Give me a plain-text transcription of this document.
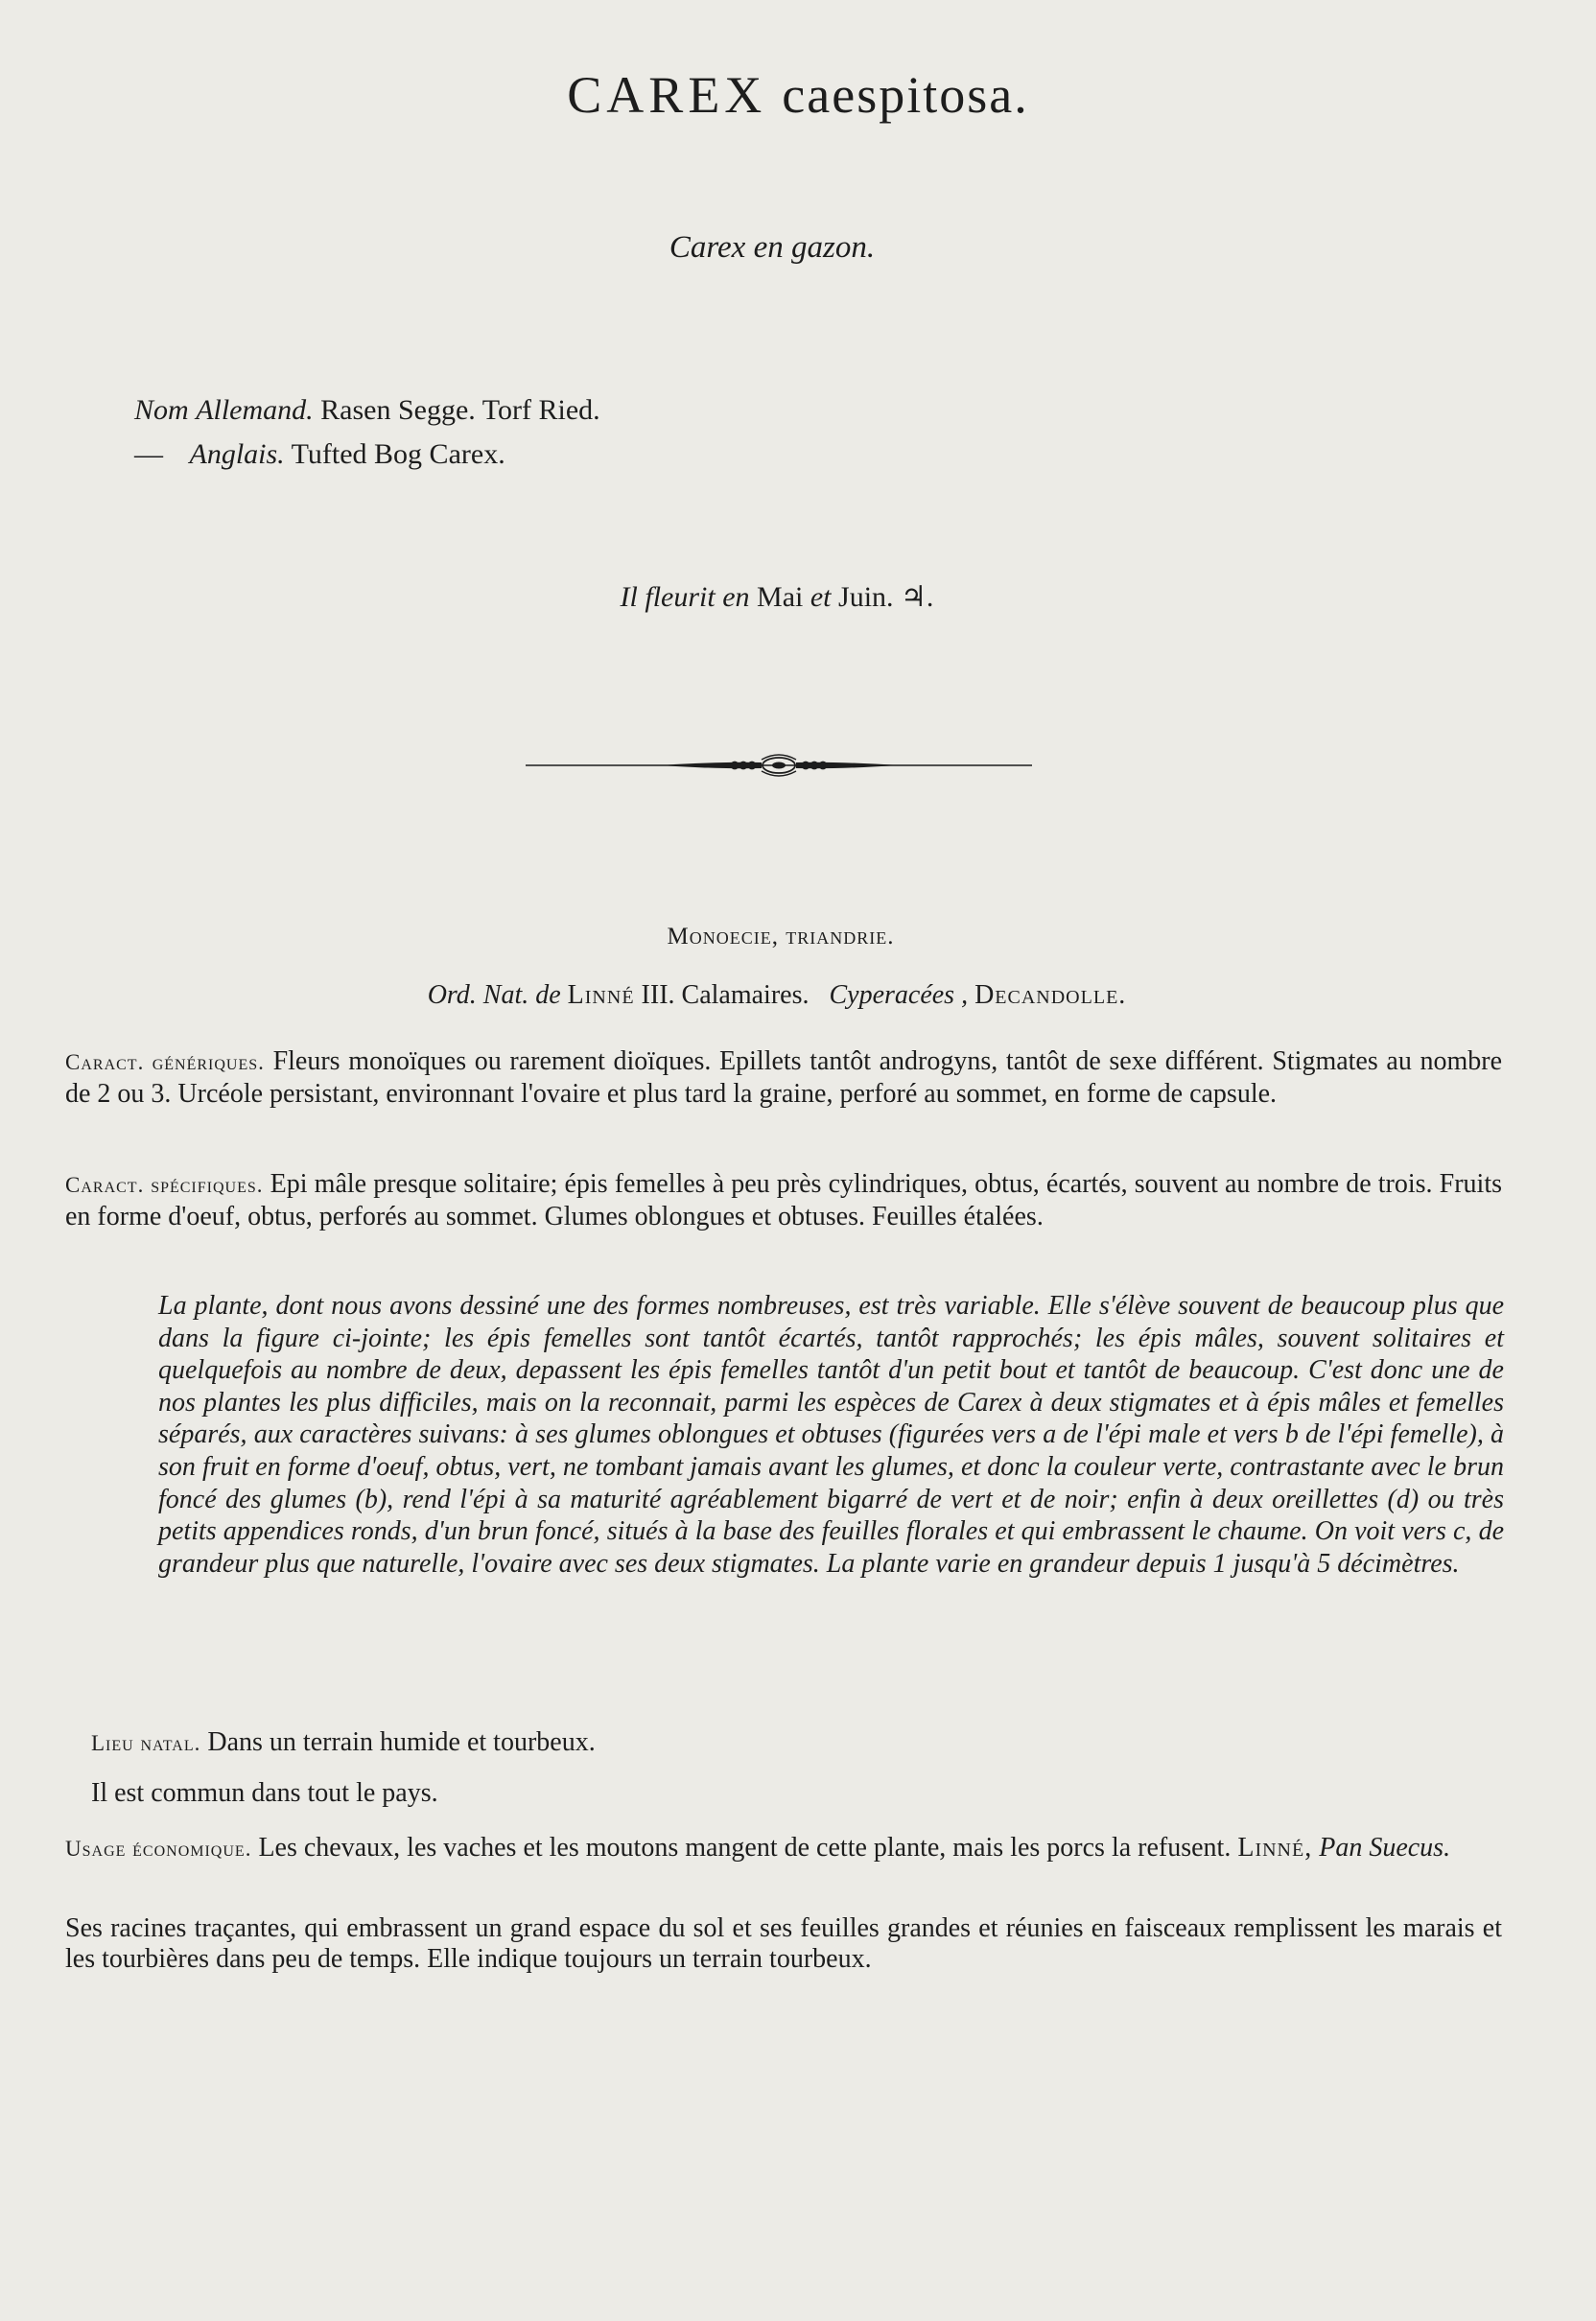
CAREX caespitosa.
Carex en gazon.
Nom Allemand. Rasen Segge. Torf Ried.
— Anglais. Tufted Bog Carex.
Il fleurit en Mai et Juin. ♃.
Monoecie, triandrie.
Ord. Nat. de Linné III. Calamaires. Cyperacées , Decandolle.
Caract. génériques. Fleurs monoïques ou rarement dioïques. Epillets tantôt androgyns, tantôt de sexe différent. Stigmates au nombre de 2 ou 3. Urcéole persistant, environnant l'ovaire et plus tard la graine, perforé au sommet, en forme de capsule.
Caract. spécifiques. Epi mâle presque solitaire; épis femelles à peu près cylindriques, obtus, écartés, souvent au nombre de trois. Fruits en forme d'oeuf, obtus, perforés au sommet. Glumes oblongues et obtuses. Feuilles étalées.
La plante, dont nous avons dessiné une des formes nombreuses, est très variable. Elle s'élève souvent de beaucoup plus que dans la figure ci-jointe; les épis femelles sont tantôt écartés, tantôt rapprochés; les épis mâles, souvent solitaires et quelquefois au nombre de deux, depassent les épis femelles tantôt d'un petit bout et tantôt de beaucoup. C'est donc une de nos plantes les plus difficiles, mais on la reconnait, parmi les espèces de Carex à deux stigmates et à épis mâles et femelles séparés, aux caractères suivans: à ses glumes oblongues et obtuses (figurées vers a de l'épi male et vers b de l'épi femelle), à son fruit en forme d'oeuf, obtus, vert, ne tombant jamais avant les glumes, et donc la couleur verte, contrastante avec le brun foncé des glumes (b), rend l'épi à sa maturité agréablement bigarré de vert et de noir; enfin à deux oreillettes (d) ou très petits appendices ronds, d'un brun foncé, situés à la base des feuilles florales et qui embrassent le chaume. On voit vers c, de grandeur plus que naturelle, l'ovaire avec ses deux stigmates. La plante varie en grandeur depuis 1 jusqu'à 5 décimètres.
Lieu natal. Dans un terrain humide et tourbeux.
Il est commun dans tout le pays.
Usage économique. Les chevaux, les vaches et les moutons mangent de cette plante, mais les porcs la refusent. Linné, Pan Suecus.
Ses racines traçantes, qui embrassent un grand espace du sol et ses feuilles grandes et réunies en faisceaux remplissent les marais et les tourbières dans peu de temps. Elle indique toujours un terrain tourbeux.
